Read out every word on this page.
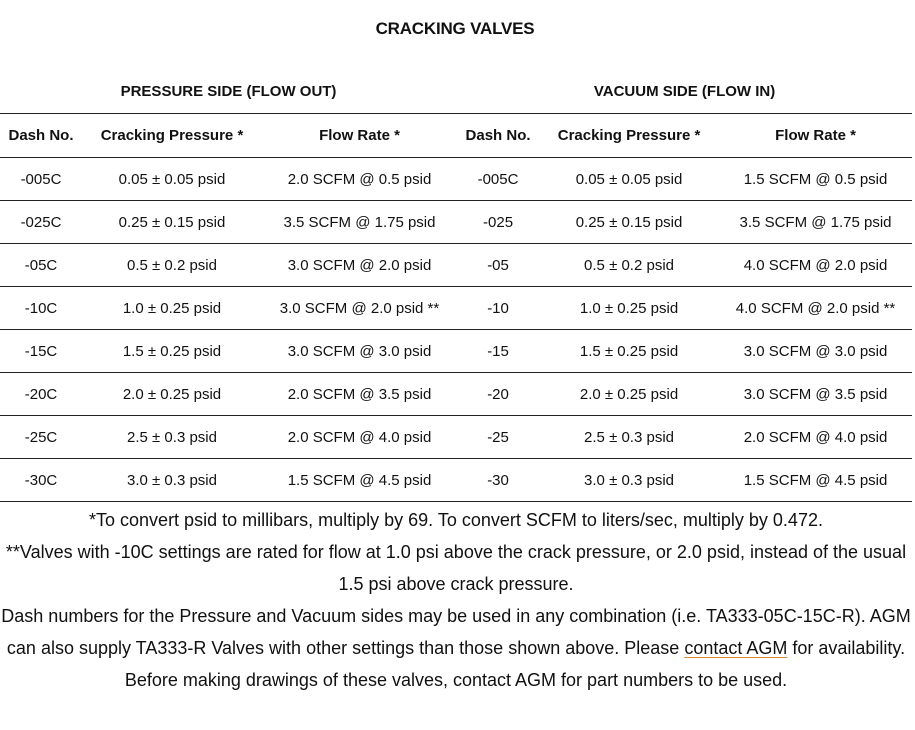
CRACKING VALVES
PRESSURE SIDE (FLOW OUT)			VACUUM SIDE (FLOW IN)		
Dash No.	Cracking Pressure *	Flow Rate *	Dash No.	Cracking Pressure *	Flow Rate *
-005C	0.05 ± 0.05 psid	2.0 SCFM @ 0.5 psid	-005C	0.05 ± 0.05 psid	1.5 SCFM @ 0.5 psid
-025C	0.25 ± 0.15 psid	3.5 SCFM @ 1.75 psid	-025	0.25 ± 0.15 psid	3.5 SCFM @ 1.75 psid
-05C	0.5 ± 0.2 psid	3.0 SCFM @ 2.0 psid	-05	0.5 ± 0.2 psid	4.0 SCFM @ 2.0 psid
-10C	1.0 ± 0.25 psid	3.0 SCFM @ 2.0 psid **	-10	1.0 ± 0.25 psid	4.0 SCFM @ 2.0 psid **
-15C	1.5 ± 0.25 psid	3.0 SCFM @ 3.0 psid	-15	1.5 ± 0.25 psid	3.0 SCFM @ 3.0 psid
-20C	2.0 ± 0.25 psid	2.0 SCFM @ 3.5 psid	-20	2.0 ± 0.25 psid	3.0 SCFM @ 3.5 psid
-25C	2.5 ± 0.3 psid	2.0 SCFM @ 4.0 psid	-25	2.5 ± 0.3 psid	2.0 SCFM @ 4.0 psid
-30C	3.0 ± 0.3 psid	1.5 SCFM @ 4.5 psid	-30	3.0 ± 0.3 psid	1.5 SCFM @ 4.5 psid

*To convert psid to millibars, multiply by 69. To convert SCFM to liters/sec, multiply by 0.472.

**Valves with -10C settings are rated for flow at 1.0 psi above the crack pressure, or 2.0 psid, instead of the usual 1.5 psi above crack pressure.

Dash numbers for the Pressure and Vacuum sides may be used in any combination (i.e. TA333-05C-15C-R). AGM can also supply TA333-R Valves with other settings than those shown above. Please contact AGM for availability. Before making drawings of these valves, contact AGM for part numbers to be used.
